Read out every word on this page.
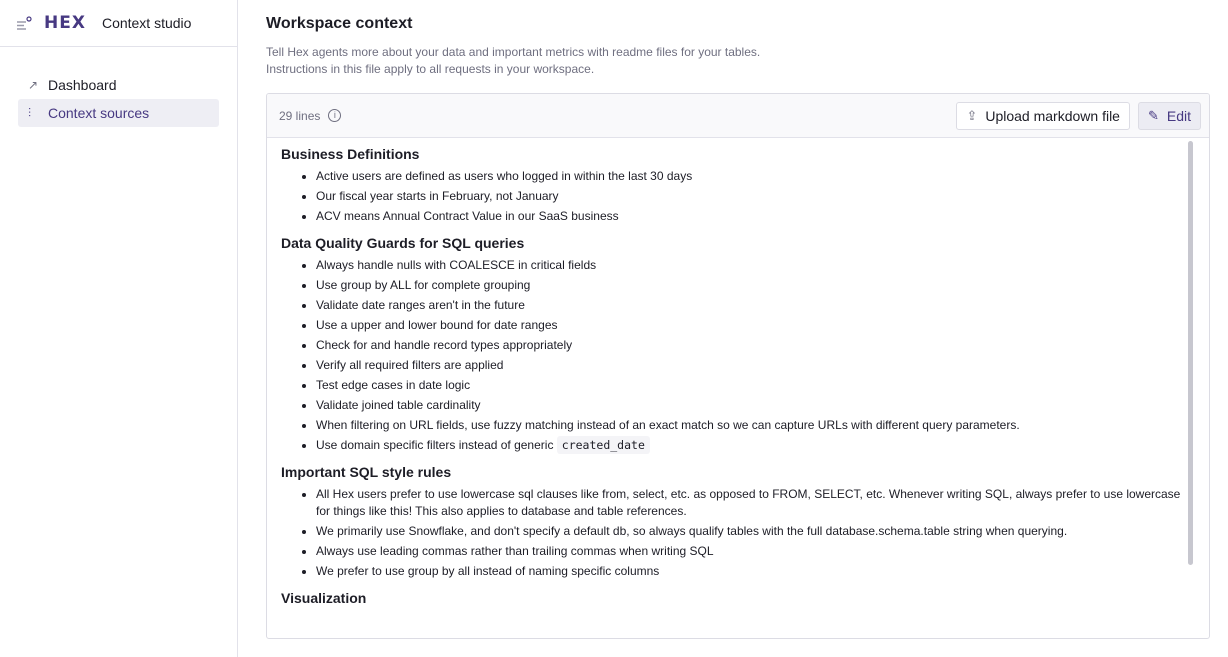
HEX Context studio
↗ Dashboard
⫶	Context sources
Workspace context
Tell Hex agents more about your data and important metrics with readme files for your tables.
Instructions in this file apply to all requests in your workspace.
29 lines	i	⇪ Upload markdown file ✎ Edit
Business Definitions
• Active users are defined as users who logged in within the last 30 days
• Our fiscal year starts in February, not January
• ACV means Annual Contract Value in our SaaS business
Data Quality Guards for SQL queries
• Always handle nulls with COALESCE in critical fields
• Use group by ALL for complete grouping
• Validate date ranges aren't in the future
• Use a upper and lower bound for date ranges
• Check for and handle record types appropriately
• Verify all required filters are applied
• Test edge cases in date logic
• Validate joined table cardinality
• When filtering on URL fields, use fuzzy matching instead of an exact match so we can capture URLs with different query parameters.
• Use domain specific filters instead of generic created_date
Important SQL style rules
• All Hex users prefer to use lowercase sql clauses like from, select, etc. as opposed to FROM, SELECT, etc. Whenever writing SQL, always prefer to use lowercase for things like this! This also applies to database and table references.
• We primarily use Snowflake, and don't specify a default db, so always qualify tables with the full database.schema.table string when querying.
• Always use leading commas rather than trailing commas when writing SQL
• We prefer to use group by all instead of naming specific columns
Visualization
